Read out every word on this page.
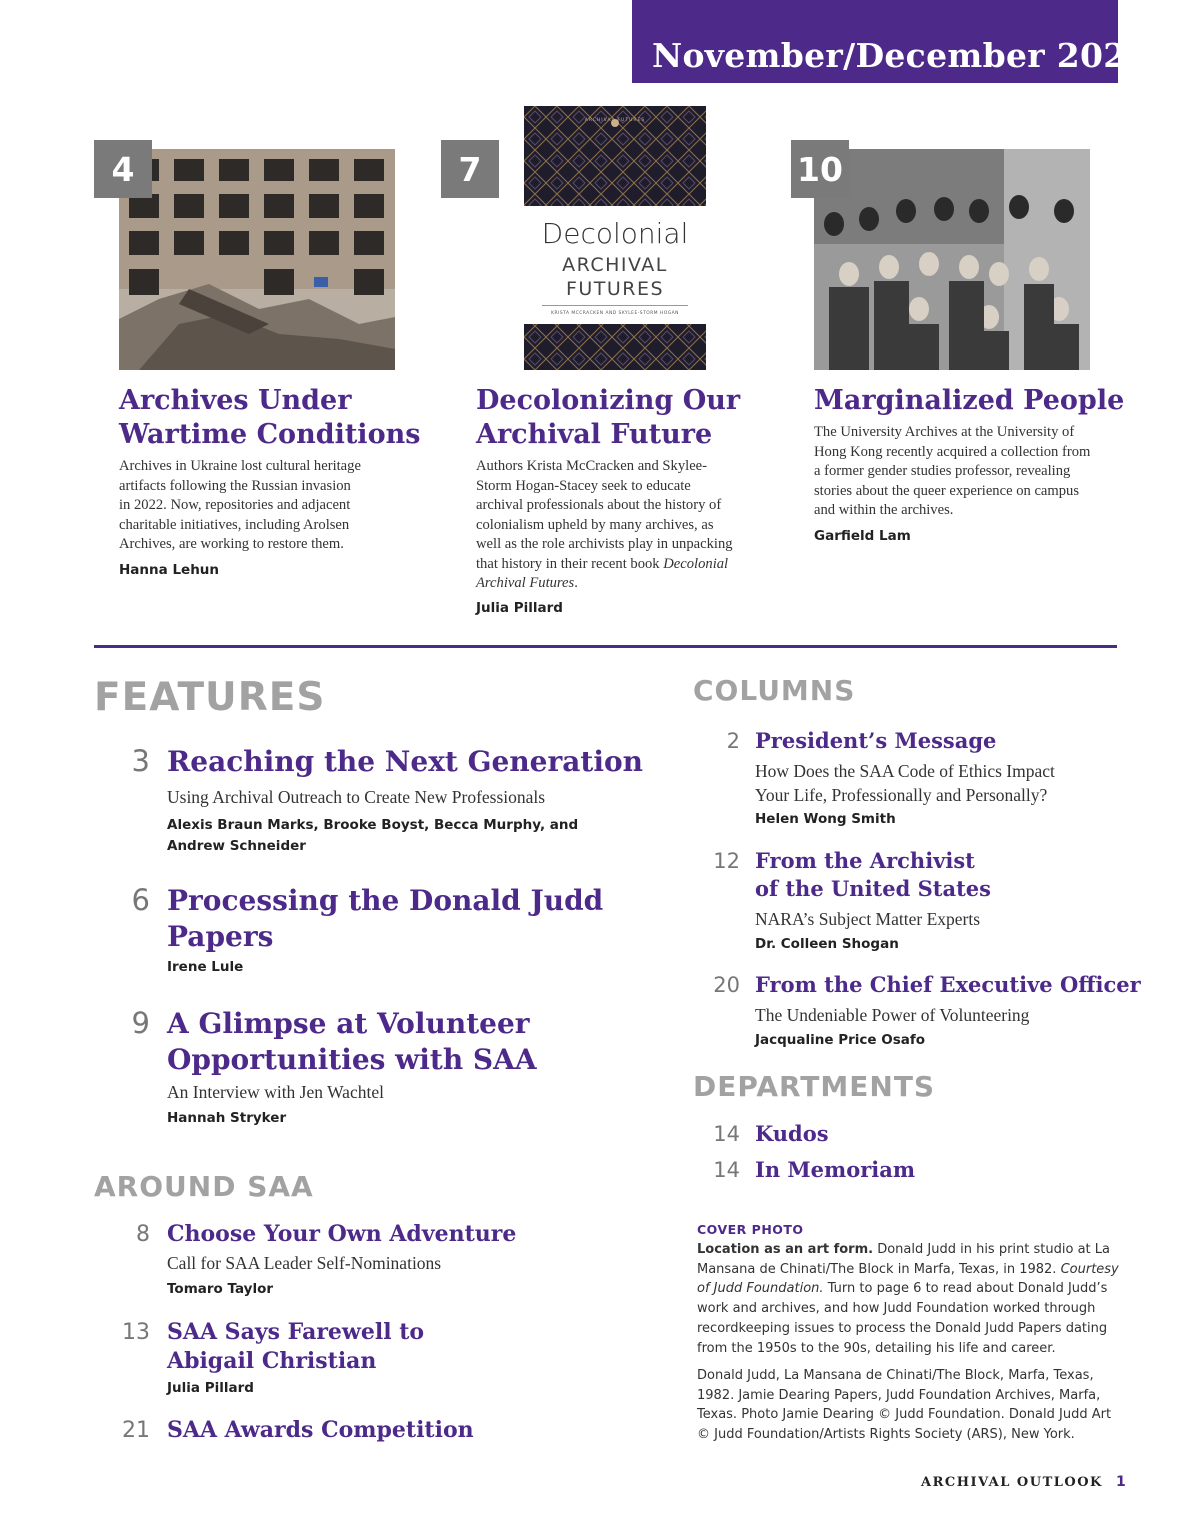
November/December 2023
4
Archives Under
Wartime Conditions
Archives in Ukraine lost cultural heritage
artifacts following the Russian invasion
in 2022. Now, repositories and adjacent
charitable initiatives, including Arolsen
Archives, are working to restore them.
Hanna Lehun
7
ARCHIVAL FUTURES
Decolonial
ARCHIVAL
FUTURES
KRISTA MCCRACKEN AND SKYLEE-STORM HOGAN
Decolonizing Our
Archival Future
Authors Krista McCracken and Skylee-
Storm Hogan-Stacey seek to educate
archival professionals about the history of
colonialism upheld by many archives, as
well as the role archivists play in unpacking
that history in their recent book Decolonial
Archival Futures.
Julia Pillard
10
Marginalized People
The University Archives at the University of
Hong Kong recently acquired a collection from
a former gender studies professor, revealing
stories about the queer experience on campus
and within the archives.
Garfield Lam
FEATURES
3 Reaching the Next Generation
Using Archival Outreach to Create New Professionals
Alexis Braun Marks, Brooke Boyst, Becca Murphy, and
Andrew Schneider
6 Processing the Donald Judd
Papers
Irene Lule
9 A Glimpse at Volunteer
Opportunities with SAA
An Interview with Jen Wachtel
Hannah Stryker
AROUND SAA
8 Choose Your Own Adventure
Call for SAA Leader Self-Nominations
Tomaro Taylor
13 SAA Says Farewell to
Abigail Christian
Julia Pillard
21 SAA Awards Competition
COLUMNS
2 President’s Message
How Does the SAA Code of Ethics Impact
Your Life, Professionally and Personally?
Helen Wong Smith
12 From the Archivist
of the United States
NARA’s Subject Matter Experts
Dr. Colleen Shogan
20 From the Chief Executive Officer
The Undeniable Power of Volunteering
Jacqualine Price Osafo
DEPARTMENTS
14 Kudos
14 In Memoriam
COVER PHOTO
Location as an art form. Donald Judd in his print studio at La
Mansana de Chinati/The Block in Marfa, Texas, in 1982. Courtesy
of Judd Foundation. Turn to page 6 to read about Donald Judd’s
work and archives, and how Judd Foundation worked through
recordkeeping issues to process the Donald Judd Papers dating
from the 1950s to the 90s, detailing his life and career.
Donald Judd, La Mansana de Chinati/The Block, Marfa, Texas,
1982. Jamie Dearing Papers, Judd Foundation Archives, Marfa,
Texas. Photo Jamie Dearing © Judd Foundation. Donald Judd Art
© Judd Foundation/Artists Rights Society (ARS), New York.
ARCHIVAL OUTLOOK 1
